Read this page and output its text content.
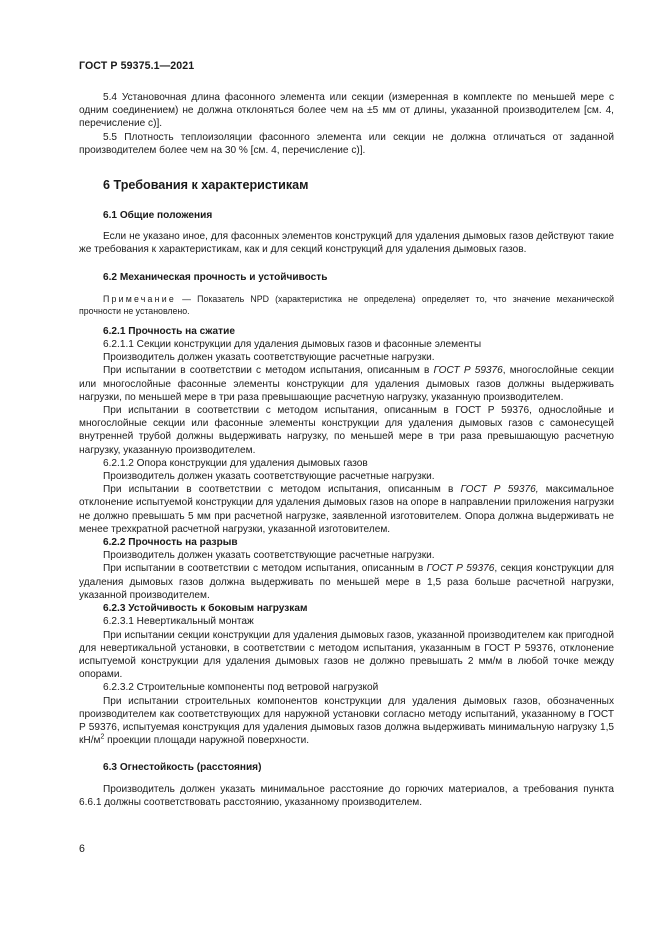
ГОСТ Р 59375.1—2021

5.4 Установочная длина фасонного элемента или секции (измеренная в комплекте по меньшей мере с одним соединением) не должна отклоняться более чем на ±5 мм от длины, указанной производителем [см. 4, перечисление с)].

5.5 Плотность теплоизоляции фасонного элемента или секции не должна отличаться от заданной производителем более чем на 30 % [см. 4, перечисление с)].

6 Требования к характеристикам

6.1 Общие положения

Если не указано иное, для фасонных элементов конструкций для удаления дымовых газов действуют такие же требования к характеристикам, как и для секций конструкций для удаления дымовых газов.

6.2 Механическая прочность и устойчивость

Примечание — Показатель NPD (характеристика не определена) определяет то, что значение механической прочности не установлено.

6.2.1 Прочность на сжатие

6.2.1.1 Секции конструкции для удаления дымовых газов и фасонные элементы

Производитель должен указать соответствующие расчетные нагрузки.

При испытании в соответствии с методом испытания, описанным в ГОСТ Р 59376, многослойные секции или многослойные фасонные элементы конструкции для удаления дымовых газов должны выдерживать нагрузки, по меньшей мере в три раза превышающие расчетную нагрузку, указанную производителем.

При испытании в соответствии с методом испытания, описанным в ГОСТ Р 59376, однослойные и многослойные секции или фасонные элементы конструкции для удаления дымовых газов с самонесущей внутренней трубой должны выдерживать нагрузку, по меньшей мере в три раза превышающую расчетную нагрузку, указанную производителем.

6.2.1.2 Опора конструкции для удаления дымовых газов

Производитель должен указать соответствующие расчетные нагрузки.

При испытании в соответствии с методом испытания, описанным в ГОСТ Р 59376, максимальное отклонение испытуемой конструкции для удаления дымовых газов на опоре в направлении приложения нагрузки не должно превышать 5 мм при расчетной нагрузке, заявленной изготовителем. Опора должна выдерживать не менее трехкратной расчетной нагрузки, указанной изготовителем.

6.2.2 Прочность на разрыв

Производитель должен указать соответствующие расчетные нагрузки.

При испытании в соответствии с методом испытания, описанным в ГОСТ Р 59376, секция конструкции для удаления дымовых газов должна выдерживать по меньшей мере в 1,5 раза больше расчетной нагрузки, указанной производителем.

6.2.3 Устойчивость к боковым нагрузкам

6.2.3.1 Невертикальный монтаж

При испытании секции конструкции для удаления дымовых газов, указанной производителем как пригодной для невертикальной установки, в соответствии с методом испытания, указанным в ГОСТ Р 59376, отклонение испытуемой конструкции для удаления дымовых газов не должно превышать 2 мм/м в любой точке между опорами.

6.2.3.2 Строительные компоненты под ветровой нагрузкой

При испытании строительных компонентов конструкции для удаления дымовых газов, обозначенных производителем как соответствующих для наружной установки согласно методу испытаний, указанному в ГОСТ Р 59376, испытуемая конструкция для удаления дымовых газов должна выдерживать минимальную нагрузку 1,5 $кН/м^2$ проекции площади наружной поверхности.

6.3 Огнестойкость (расстояния)

Производитель должен указать минимальное расстояние до горючих материалов, а требования пункта 6.6.1 должны соответствовать расстоянию, указанному производителем.

6
